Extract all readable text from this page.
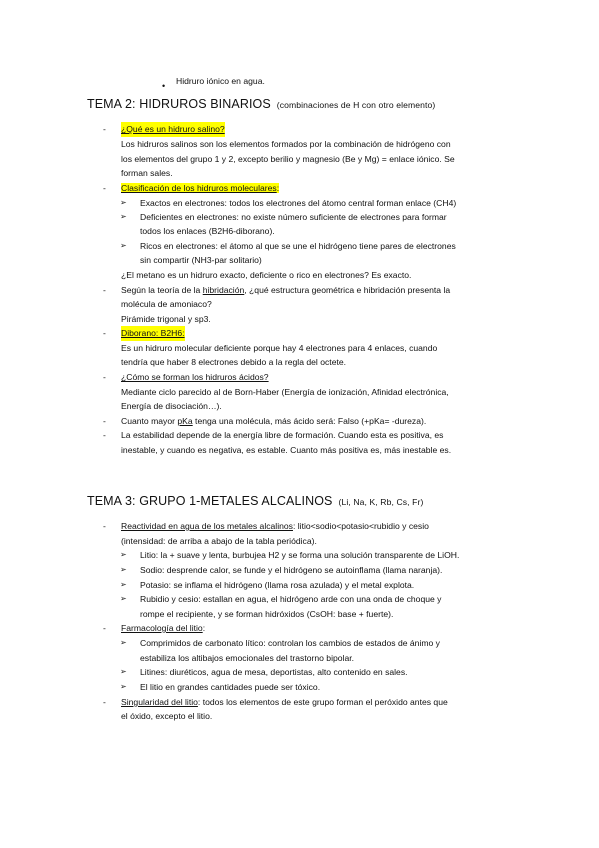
• Hidruro iónico en agua.
TEMA 2: HIDRUROS BINARIOS (combinaciones de H con otro elemento)
-	¿Qué es un hidruro salino?
Los hidruros salinos son los elementos formados por la combinación de hidrógeno con
los elementos del grupo 1 y 2, excepto berilio y magnesio (Be y Mg) = enlace iónico. Se
forman sales.
-	Clasificación de los hidruros moleculares:
➢ Exactos en electrones: todos los electrones del átomo central forman enlace (CH4)
➢ Deficientes en electrones: no existe número suficiente de electrones para formar
todos los enlaces (B2H6-diborano).
➢ Ricos en electrones: el átomo al que se une el hidrógeno tiene pares de electrones
sin compartir (NH3-par solitario)
¿El metano es un hidruro exacto, deficiente o rico en electrones? Es exacto.
-	Según la teoría de la hibridación, ¿qué estructura geométrica e hibridación presenta la
molécula de amoniaco?
Pirámide trigonal y sp3.
-	Diborano: B2H6:
Es un hidruro molecular deficiente porque hay 4 electrones para 4 enlaces, cuando
tendría que haber 8 electrones debido a la regla del octete.
-	¿Cómo se forman los hidruros ácidos?
Mediante ciclo parecido al de Born-Haber (Energía de ionización, Afinidad electrónica,
Energía de disociación…).
-	Cuanto mayor pKa tenga una molécula, más ácido será: Falso (+pKa= -dureza).
-	La estabilidad depende de la energía libre de formación. Cuando esta es positiva, es
inestable, y cuando es negativa, es estable. Cuanto más positiva es, más inestable es.
TEMA 3: GRUPO 1-METALES ALCALINOS (Li, Na, K, Rb, Cs, Fr)
-	Reactividad en agua de los metales alcalinos: litio<sodio<potasio<rubidio y cesio
(intensidad: de arriba a abajo de la tabla periódica).
➢ Litio: la + suave y lenta, burbujea H2 y se forma una solución transparente de LiOH.
➢ Sodio: desprende calor, se funde y el hidrógeno se autoinflama (llama naranja).
➢ Potasio: se inflama el hidrógeno (llama rosa azulada) y el metal explota.
➢ Rubidio y cesio: estallan en agua, el hidrógeno arde con una onda de choque y
rompe el recipiente, y se forman hidróxidos (CsOH: base + fuerte).
-	Farmacología del litio:
➢ Comprimidos de carbonato lítico: controlan los cambios de estados de ánimo y
estabiliza los altibajos emocionales del trastorno bipolar.
➢ Litines: diuréticos, agua de mesa, deportistas, alto contenido en sales.
➢ El litio en grandes cantidades puede ser tóxico.
-	Singularidad del litio: todos los elementos de este grupo forman el peróxido antes que
el óxido, excepto el litio.
